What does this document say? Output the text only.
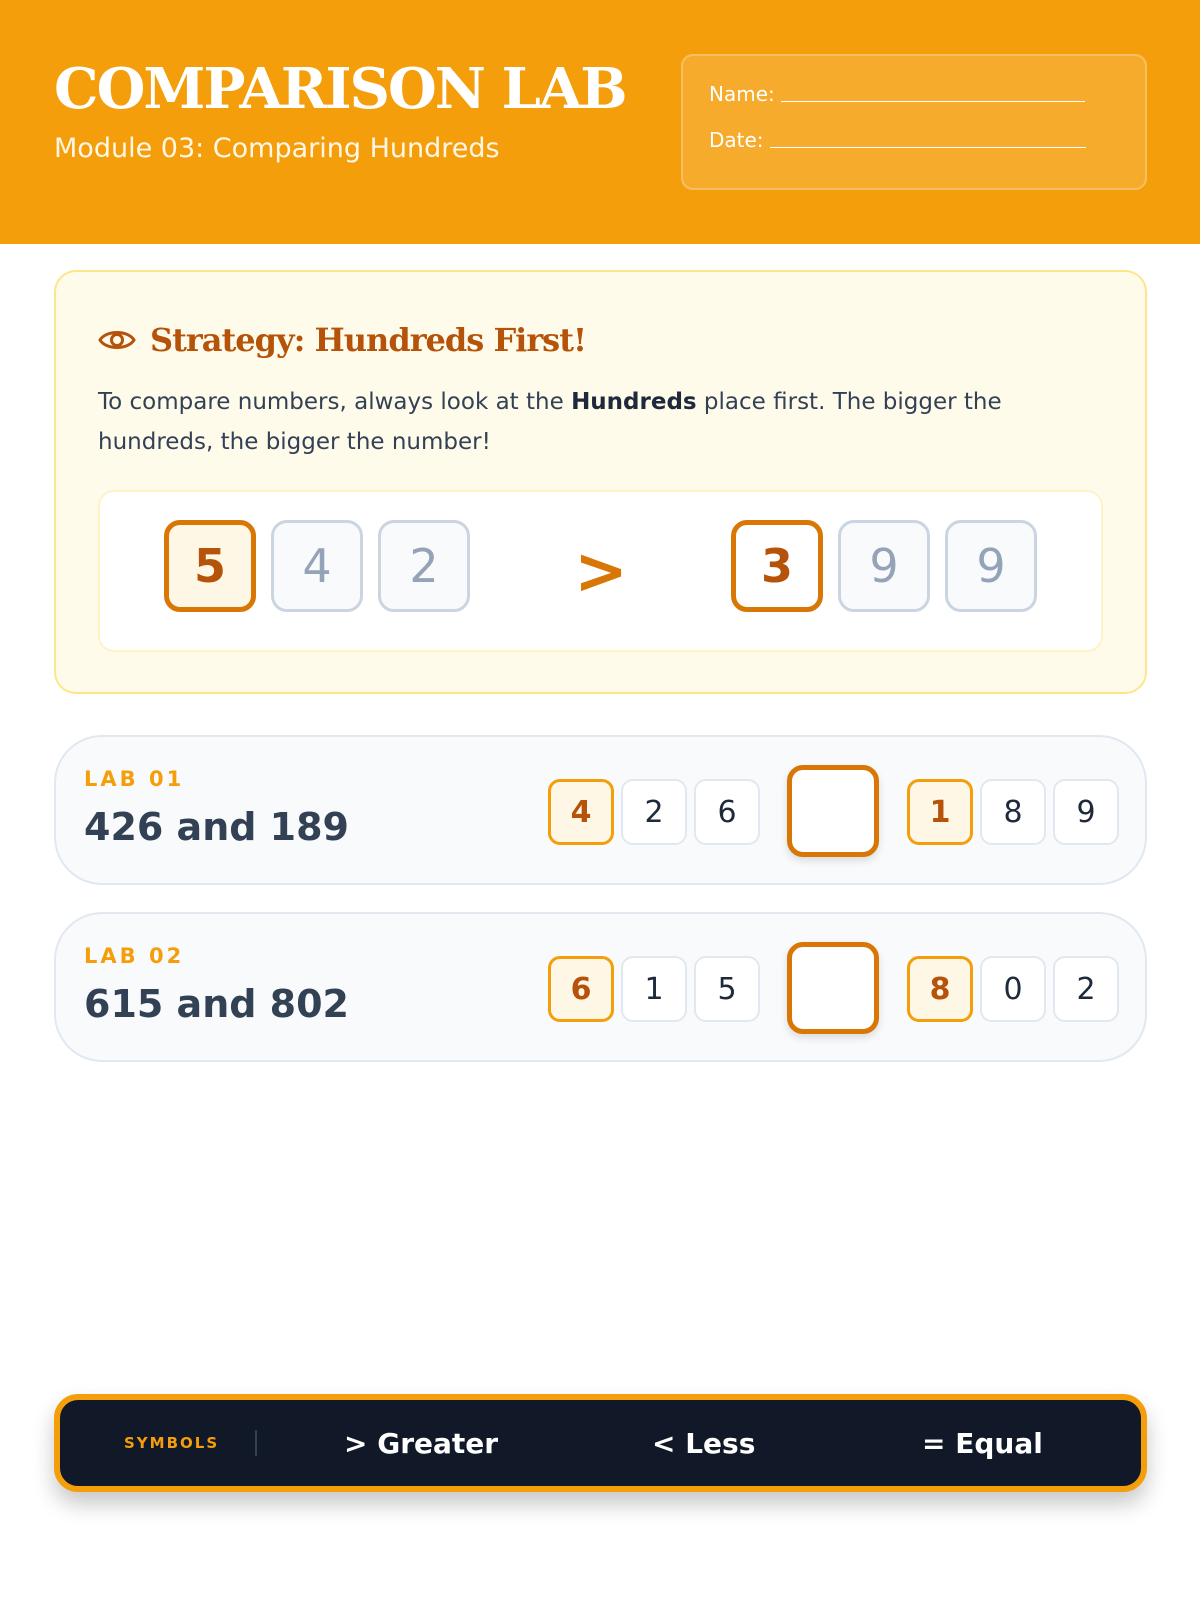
COMPARISON LAB
Module 03: Comparing Hundreds
Name:
Date:
Strategy: Hundreds First!

To compare numbers, always look at the Hundreds place first. The bigger the hundreds, the bigger the number!

5	4	2	>	3	9	9
LAB 01
426 and 189	4	2	6	1	8	9
LAB 02
615 and 802	6	1	5	8	0	2
SYMBOLS	> Greater	< Less	= Equal
